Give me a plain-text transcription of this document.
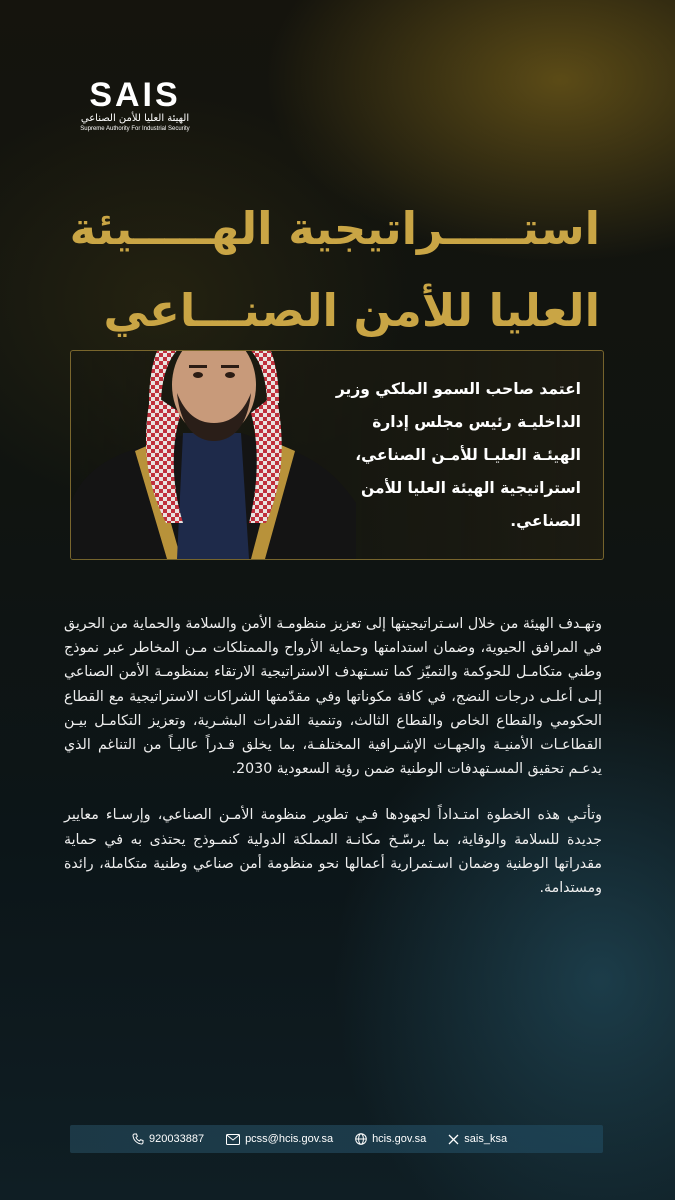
SAIS
الهيئة العليا للأمن الصناعي
Supreme Authority For Industrial Security
استـــــراتيجية الهـــــيئة
العليا للأمن الصنـــاعي
اعتمد صاحب السمو الملكي وزير الداخليـة رئيس مجلس إدارة الهيئـة العليـا للأمـن الصناعي، استراتيجية الهيئة العليا للأمن الصناعي.

وتهـدف الهيئة من خلال اسـتراتيجيتها إلى تعزيز منظومـة الأمن والسلامة والحماية من الحريق في المرافق الحيوية، وضمان استدامتها وحماية الأرواح والممتلكات مـن المخاطر عبر نموذج وطني متكامـل للحوكمة والتميّز كما تسـتهدف الاستراتيجية الارتقاء بمنظومـة الأمن الصناعي إلـى أعلـى درجات النضج، في كافة مكوناتها وفي مقدّمتها الشراكات الاستراتيجية مع القطاع الحكومي والقطاع الخاص والقطاع الثالث، وتنمية القدرات البشـرية، وتعزيز التكامـل بيـن القطاعـات الأمنيـة والجهـات الإشـرافية المختلفـة، بما يخلق قـدراً عاليـاً من التناغم الذي يدعـم تحقيق المسـتهدفات الوطنية ضمن رؤية السعودية 2030.

وتأتـي هذه الخطوة امتـداداً لجهودها فـي تطوير منظومة الأمـن الصناعي، وإرسـاء معايير جديدة للسلامة والوقاية، بما يرسّـخ مكانـة المملكة الدولية كنمـوذج يحتذى به في حماية مقدراتها الوطنية وضمان اسـتمرارية أعمالها نحو منظومة أمن صناعي وطنية متكاملة، رائدة ومستدامة.

920033887	pcss@hcis.gov.sa	hcis.gov.sa	sais_ksa
